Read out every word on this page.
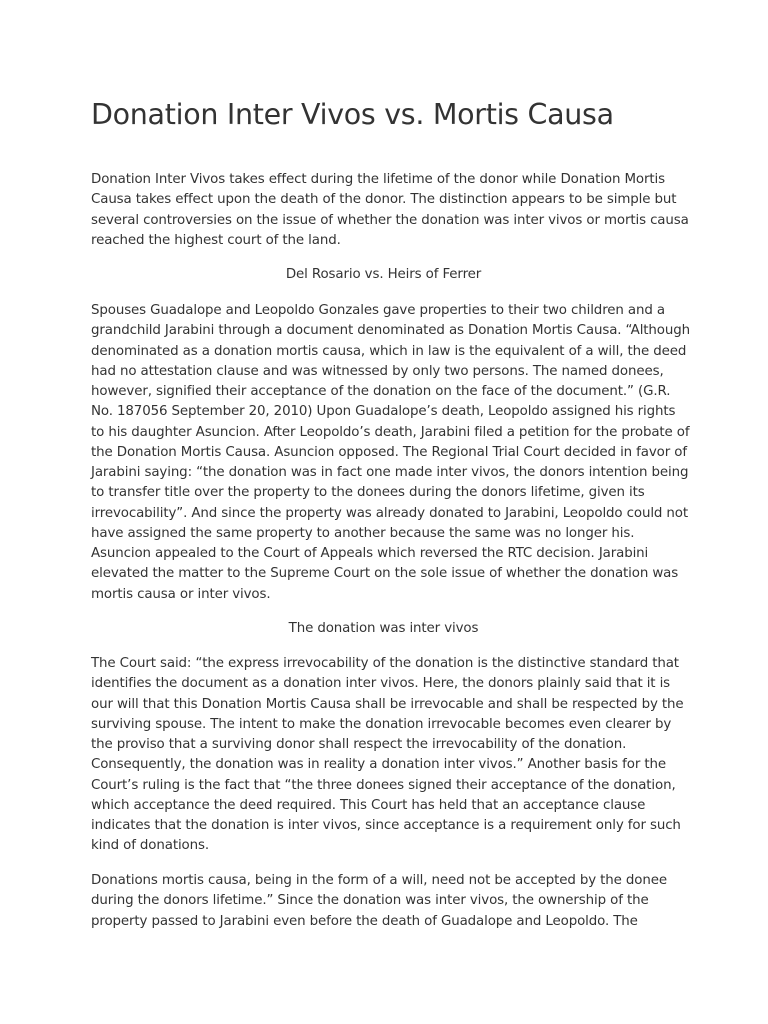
Donation Inter Vivos vs. Mortis Causa

Donation Inter Vivos takes effect during the lifetime of the donor while Donation Mortis Causa takes effect upon the death of the donor. The distinction appears to be simple but several controversies on the issue of whether the donation was inter vivos or mortis causa reached the highest court of the land.

Del Rosario vs. Heirs of Ferrer

Spouses Guadalope and Leopoldo Gonzales gave properties to their two children and a grandchild Jarabini through a document denominated as Donation Mortis Causa. “Although denominated as a donation mortis causa, which in law is the equivalent of a will, the deed had no attestation clause and was witnessed by only two persons. The named donees, however, signified their acceptance of the donation on the face of the document.” (G.R. No. 187056 September 20, 2010) Upon Guadalope’s death, Leopoldo assigned his rights to his daughter Asuncion. After Leopoldo’s death, Jarabini filed a petition for the probate of the Donation Mortis Causa. Asuncion opposed. The Regional Trial Court decided in favor of Jarabini saying: “the donation was in fact one made inter vivos, the donors intention being to transfer title over the property to the donees during the donors lifetime, given its irrevocability”. And since the property was already donated to Jarabini, Leopoldo could not have assigned the same property to another because the same was no longer his. Asuncion appealed to the Court of Appeals which reversed the RTC decision. Jarabini elevated the matter to the Supreme Court on the sole issue of whether the donation was mortis causa or inter vivos.

The donation was inter vivos

The Court said: “the express irrevocability of the donation is the distinctive standard that identifies the document as a donation inter vivos. Here, the donors plainly said that it is our will that this Donation Mortis Causa shall be irrevocable and shall be respected by the surviving spouse. The intent to make the donation irrevocable becomes even clearer by the proviso that a surviving donor shall respect the irrevocability of the donation. Consequently, the donation was in reality a donation inter vivos.” Another basis for the Court’s ruling is the fact that “the three donees signed their acceptance of the donation, which acceptance the deed required. This Court has held that an acceptance clause indicates that the donation is inter vivos, since acceptance is a requirement only for such kind of donations.

Donations mortis causa, being in the form of a will, need not be accepted by the donee during the donors lifetime.” Since the donation was inter vivos, the ownership of the property passed to Jarabini even before the death of Guadalope and Leopoldo. The
